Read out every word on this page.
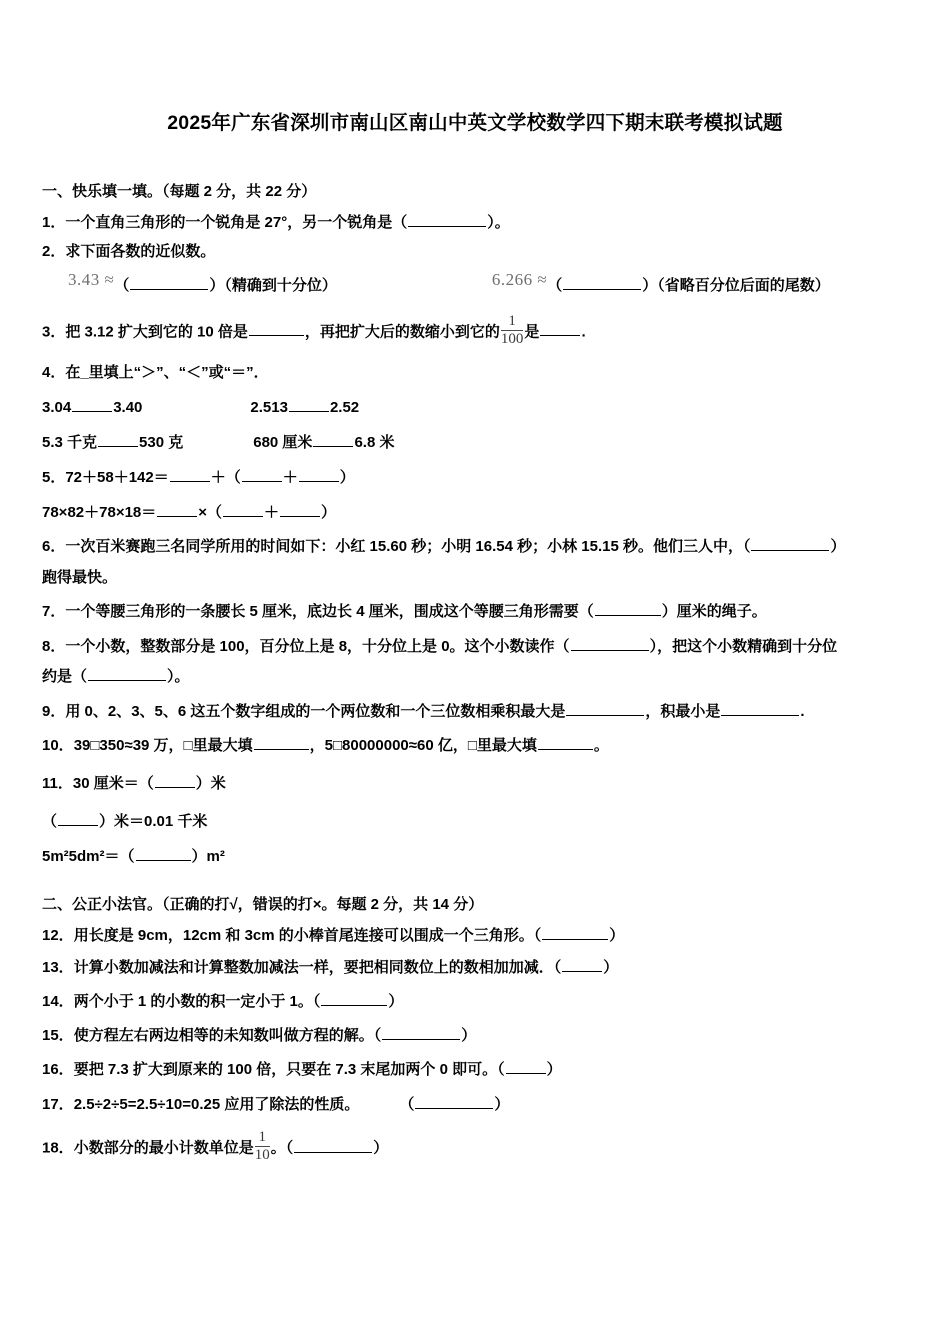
2025年广东省深圳市南山区南山中英文学校数学四下期末联考模拟试题
一、快乐填一填。（每题 2 分，共 22 分）
1．一个直角三角形的一个锐角是 27°，另一个锐角是（	）。
2．求下面各数的近似数。
3.43 ≈（	）（精确到十分位）	6.266 ≈（	）（省略百分位后面的尾数）
3．把 3.12 扩大到它的 10 倍是	，再把扩大后的数缩小到它的 $\frac{1}{100}$ 是	.
4．在_里填上“＞”、“＜”或“＝”．
3.04	3.40	2.513	2.52
5.3 千克	530 克	680 厘米	6.8 米
5．72＋58＋142＝	＋（	＋	）
78×82＋78×18＝	×（	＋	）
6．一次百米赛跑三名同学所用的时间如下：小红 15.60 秒；小明 16.54 秒；小林 15.15 秒。他们三人中，（	）
跑得最快。
7．一个等腰三角形的一条腰长 5 厘米，底边长 4 厘米，围成这个等腰三角形需要（	）厘米的绳子。
8．一个小数，整数部分是 100，百分位上是 8，十分位上是 0。这个小数读作（	），把这个小数精确到十分位
约是（	）。
9．用 0、2、3、5、6 这五个数字组成的一个两位数和一个三位数相乘积最大是	，积最小是	.
10．39□350≈39 万，□里最大填	，5□80000000≈60 亿，□里最大填	。
11．30 厘米＝（	）米
（	）米＝0.01 千米
5m²5dm²＝（	）m²
二、公正小法官。（正确的打√，错误的打×。每题 2 分，共 14 分）
12．用长度是 9cm，12cm 和 3cm 的小棒首尾连接可以围成一个三角形。（	）
13．计算小数加减法和计算整数加减法一样，要把相同数位上的数相加加减．（	）
14．两个小于 1 的小数的积一定小于 1。（	）
15．使方程左右两边相等的未知数叫做方程的解。（	）
16．要把 7.3 扩大到原来的 100 倍，只要在 7.3 末尾加两个 0 即可。（	）
17．2.5÷2÷5=2.5÷10=0.25 应用了除法的性质。	（	）
18．小数部分的最小计数单位是 $\frac{1}{10}$ 。（	）
